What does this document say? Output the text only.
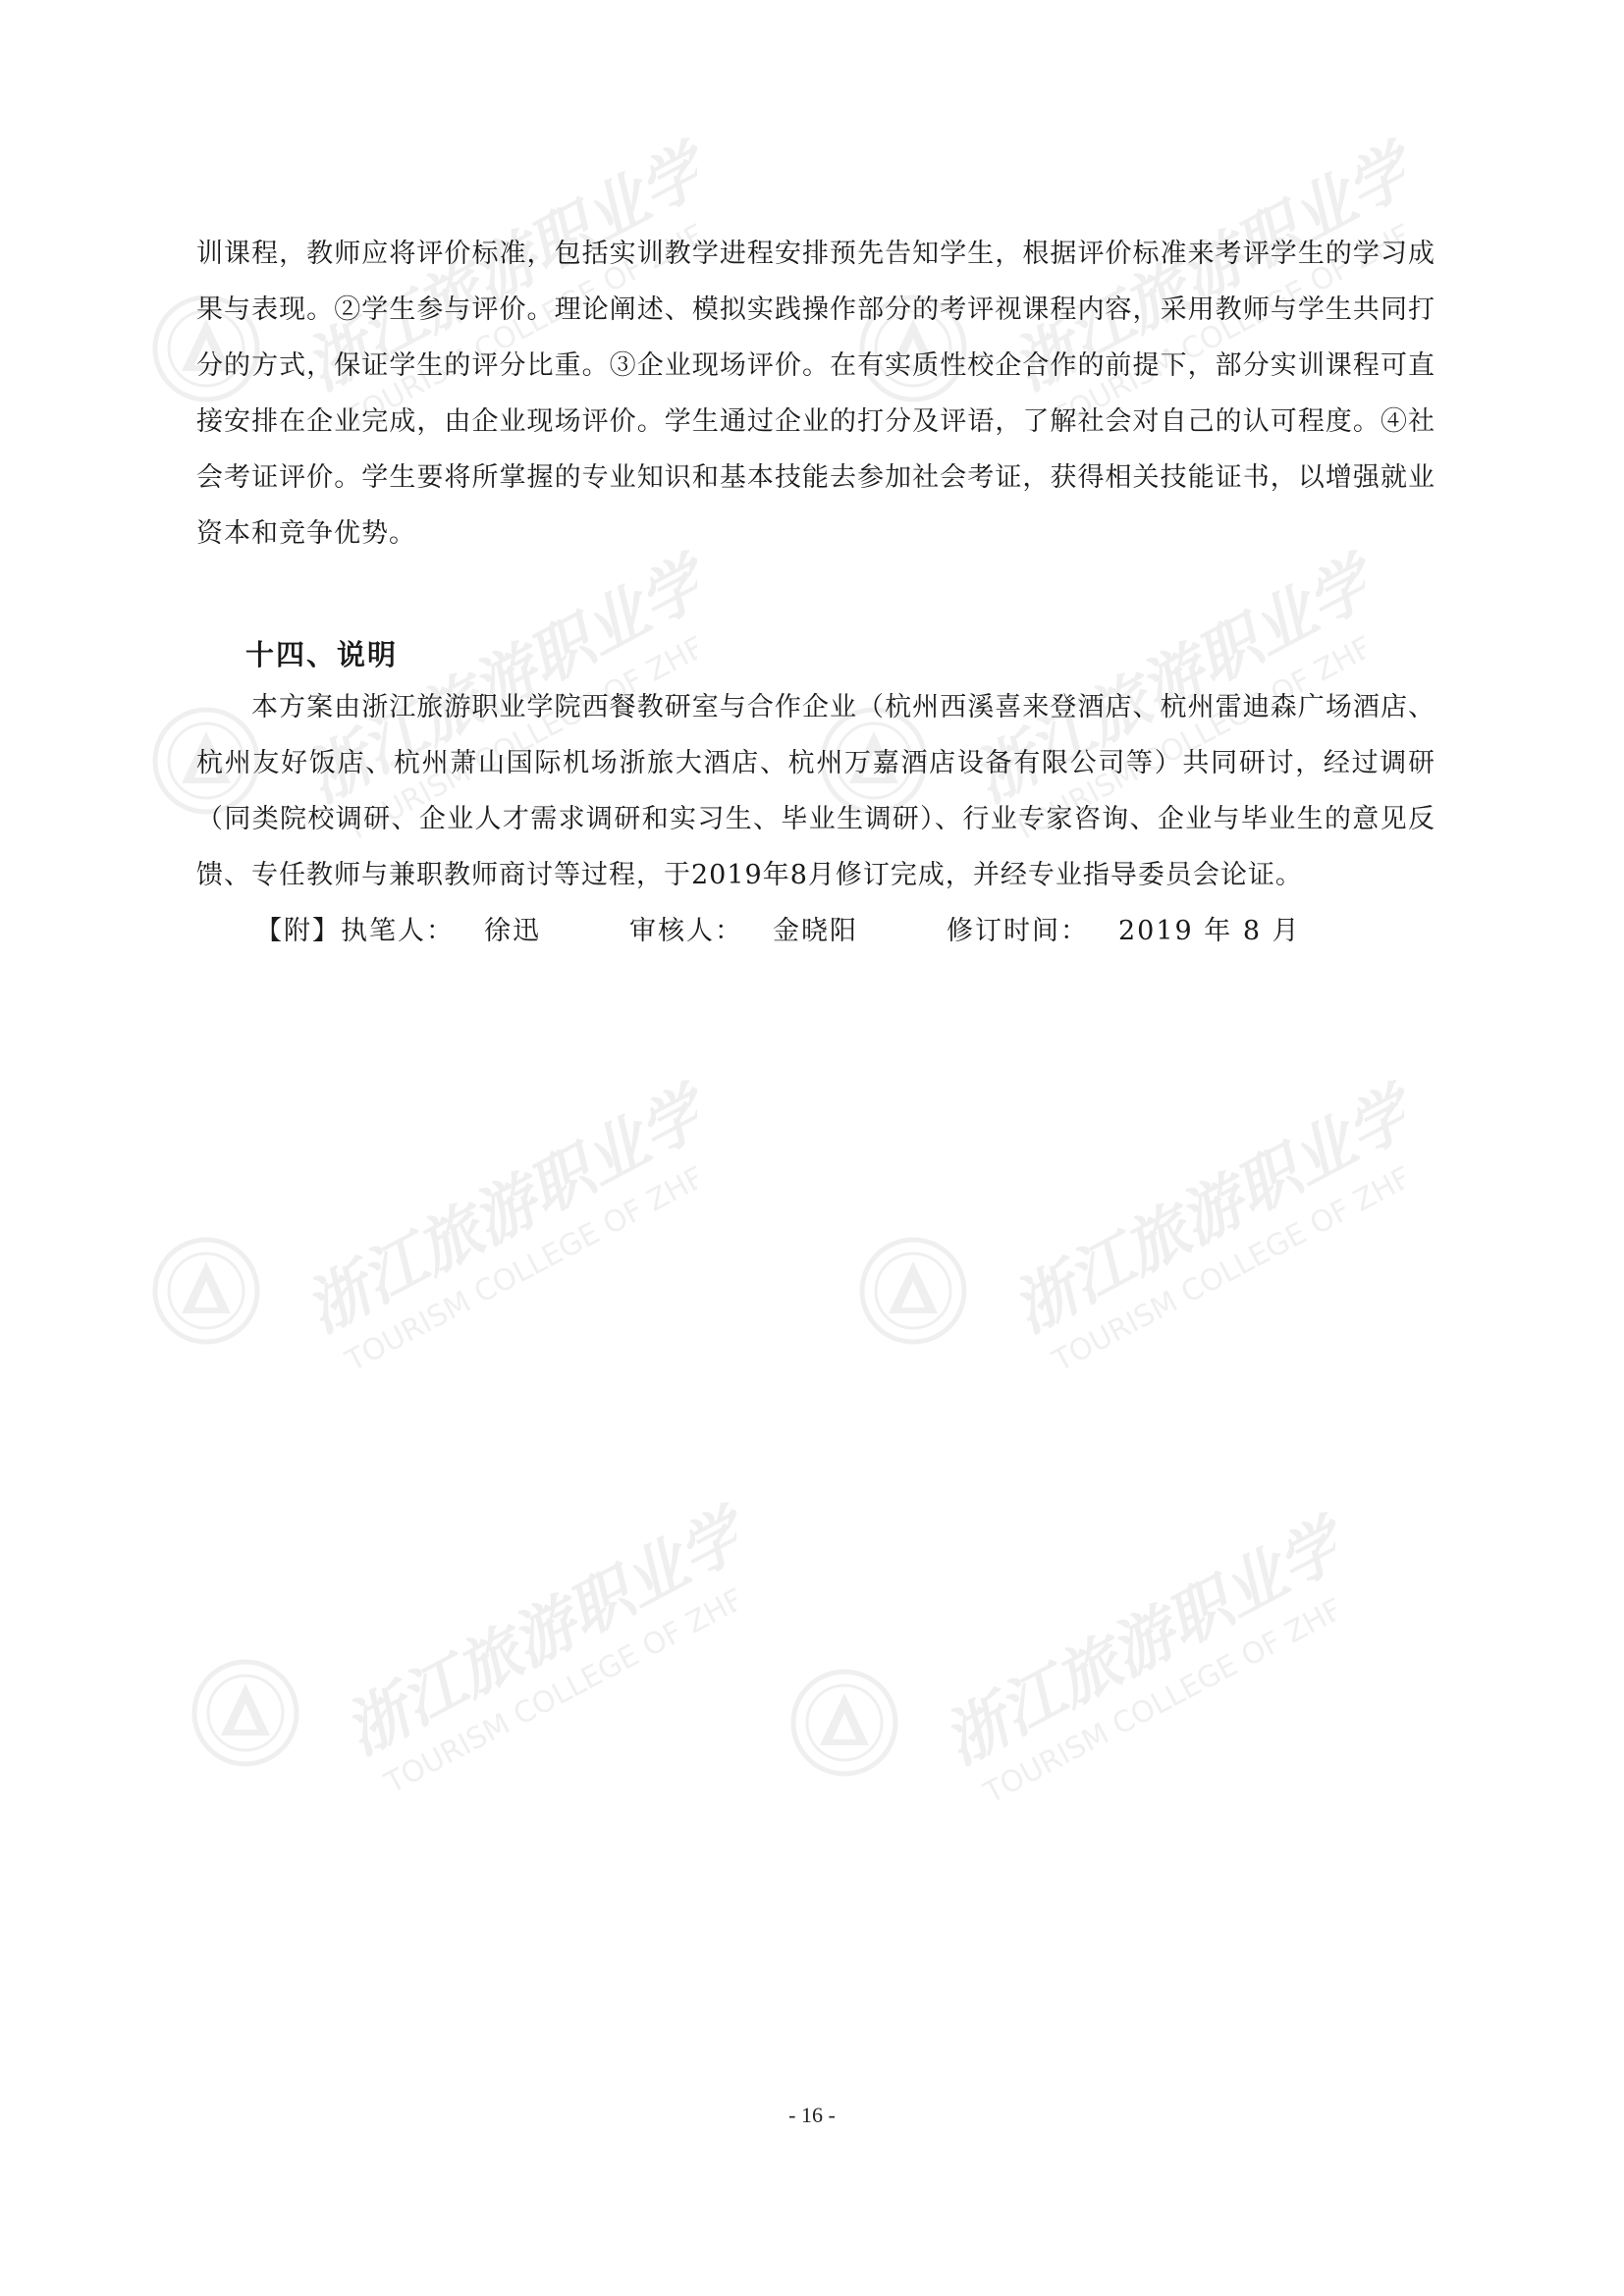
浙江旅游职业学院
TOURISM COLLEGE OF ZHEJIANG	浙江旅游职业学院
TOURISM COLLEGE OF ZHEJIANG
浙江旅游职业学院
TOURISM COLLEGE OF ZHEJIANG	浙江旅游职业学院
TOURISM COLLEGE OF ZHEJIANG
浙江旅游职业学院
TOURISM COLLEGE OF ZHEJIANG	浙江旅游职业学院
TOURISM COLLEGE OF ZHEJIANG
浙江旅游职业学院
TOURISM COLLEGE OF ZHEJIANG 浙江旅游职业学院
TOURISM COLLEGE OF ZHEJIANG

训课程，教师应将评价标准，包括实训教学进程安排预先告知学生，根据评价标准来考评学生的学习成果与表现。②学生参与评价。理论阐述、模拟实践操作部分的考评视课程内容，采用教师与学生共同打分的方式，保证学生的评分比重。③企业现场评价。在有实质性校企合作的前提下，部分实训课程可直接安排在企业完成，由企业现场评价。学生通过企业的打分及评语，了解社会对自己的认可程度。④社会考证评价。学生要将所掌握的专业知识和基本技能去参加社会考证，获得相关技能证书，以增强就业资本和竞争优势。

十四、说明

本方案由浙江旅游职业学院西餐教研室与合作企业（杭州西溪喜来登酒店、杭州雷迪森广场酒店、杭州友好饭店、杭州萧山国际机场浙旅大酒店、杭州万嘉酒店设备有限公司等）共同研讨，经过调研（同类院校调研、企业人才需求调研和实习生、毕业生调研）、行业专家咨询、企业与毕业生的意见反馈、专任教师与兼职教师商讨等过程，于2019年8月修订完成，并经专业指导委员会论证。

【附】执笔人： 徐迅	审核人： 金晓阳	修订时间： 2019 年 8 月
- 16 -
